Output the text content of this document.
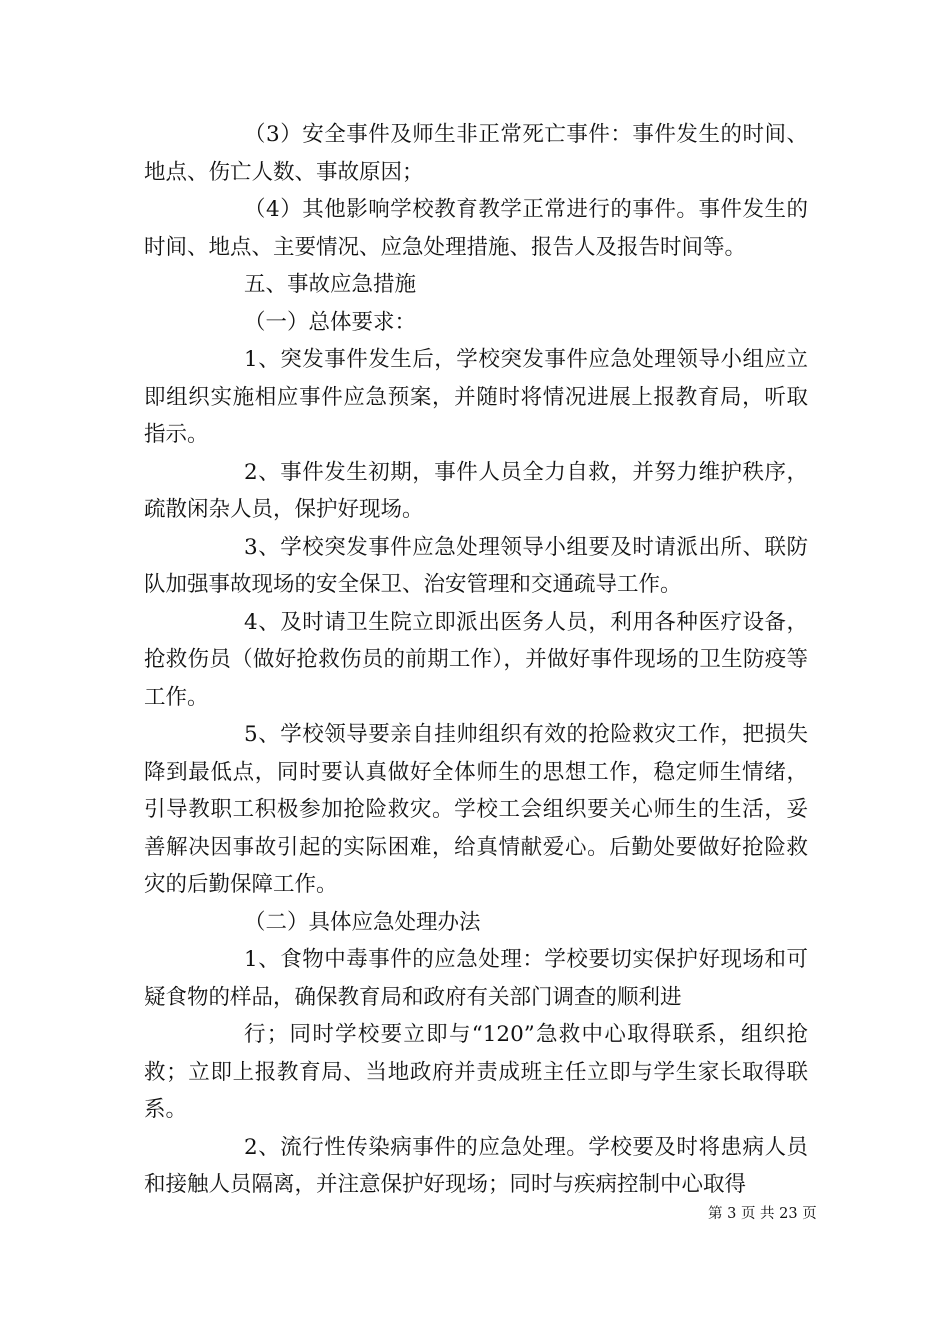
（3）安全事件及师生非正常死亡事件：事件发生的时间、地点、伤亡人数、事故原因；

（4）其他影响学校教育教学正常进行的事件。事件发生的时间、地点、主要情况、应急处理措施、报告人及报告时间等。

五、事故应急措施

（一）总体要求：

1、突发事件发生后，学校突发事件应急处理领导小组应立即组织实施相应事件应急预案，并随时将情况进展上报教育局，听取指示。

2、事件发生初期，事件人员全力自救，并努力维护秩序，疏散闲杂人员，保护好现场。

3、学校突发事件应急处理领导小组要及时请派出所、联防队加强事故现场的安全保卫、治安管理和交通疏导工作。

4、及时请卫生院立即派出医务人员，利用各种医疗设备，抢救伤员（做好抢救伤员的前期工作），并做好事件现场的卫生防疫等工作。

5、学校领导要亲自挂帅组织有效的抢险救灾工作，把损失降到最低点，同时要认真做好全体师生的思想工作，稳定师生情绪，引导教职工积极参加抢险救灾。学校工会组织要关心师生的生活，妥善解决因事故引起的实际困难，给真情献爱心。后勤处要做好抢险救灾的后勤保障工作。

（二）具体应急处理办法

1、食物中毒事件的应急处理：学校要切实保护好现场和可疑食物的样品，确保教育局和政府有关部门调查的顺利进

行；同时学校要立即与“120”急救中心取得联系，组织抢救；立即上报教育局、当地政府并责成班主任立即与学生家长取得联系。

2、流行性传染病事件的应急处理。学校要及时将患病人员和接触人员隔离，并注意保护好现场；同时与疾病控制中心取得

第 3 页 共 23 页
